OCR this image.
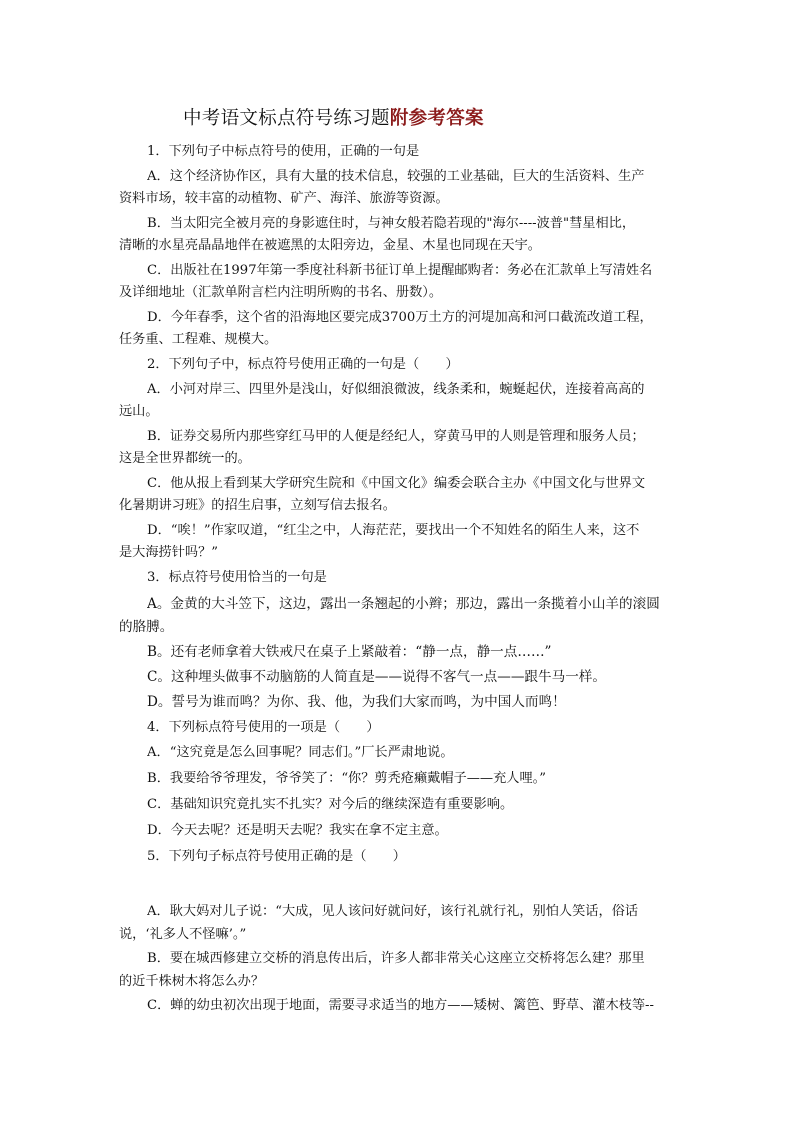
中考语文标点符号练习题附参考答案
1．下列句子中标点符号的使用，正确的一句是
A．这个经济协作区，具有大量的技术信息，较强的工业基础，巨大的生活资料、生产
资料市场，较丰富的动植物、矿产、海洋、旅游等资源。
B．当太阳完全被月亮的身影遮住时，与神女般若隐若现的"海尔----波普"彗星相比，
清晰的水星亮晶晶地伴在被遮黑的太阳旁边，金星、木星也同现在天宇。
C．出版社在1997年第一季度社科新书征订单上提醒邮购者：务必在汇款单上写清姓名
及详细地址（汇款单附言栏内注明所购的书名、册数）。
D．今年春季，这个省的沿海地区要完成3700万土方的河堤加高和河口截流改道工程，
任务重、工程难、规模大。
2．下列句子中，标点符号使用正确的一句是（　　）
A．小河对岸三、四里外是浅山，好似细浪微波，线条柔和，蜿蜒起伏，连接着高高的
远山。
B．证券交易所内那些穿红马甲的人便是经纪人，穿黄马甲的人则是管理和服务人员；
这是全世界都统一的。
C．他从报上看到某大学研究生院和《中国文化》编委会联合主办《中国文化与世界文
化暑期讲习班》的招生启事，立刻写信去报名。
D．“唉！”作家叹道，“红尘之中，人海茫茫，要找出一个不知姓名的陌生人来，这不
是大海捞针吗？”
3．标点符号使用恰当的一句是
A。金黄的大斗笠下，这边，露出一条翘起的小辫；那边，露出一条揽着小山羊的滚圆
的胳膊。
B。还有老师拿着大铁戒尺在桌子上紧敲着：“静一点，静一点……”
C。这种埋头做事不动脑筋的人简直是——说得不客气一点——跟牛马一样。
D。誓号为谁而鸣？为你、我、他，为我们大家而鸣，为中国人而鸣！
4．下列标点符号使用的一项是（　　）
A．“这究竟是怎么回事呢？同志们。”厂长严肃地说。
B．我要给爷爷理发，爷爷笑了：“你？剪秃疮癞戴帽子——充人哩。”
C．基础知识究竟扎实不扎实？对今后的继续深造有重要影响。
D．今天去呢？还是明天去呢？我实在拿不定主意。
5．下列句子标点符号使用正确的是（　　）
A．耿大妈对儿子说：“大成，见人该问好就问好，该行礼就行礼，别怕人笑话，俗话
说，‘礼多人不怪嘛’。”
B．要在城西修建立交桥的消息传出后，许多人都非常关心这座立交桥将怎么建？那里
的近千株树木将怎么办？
C．蝉的幼虫初次出现于地面，需要寻求适当的地方——矮树、篱笆、野草、灌木枝等--
